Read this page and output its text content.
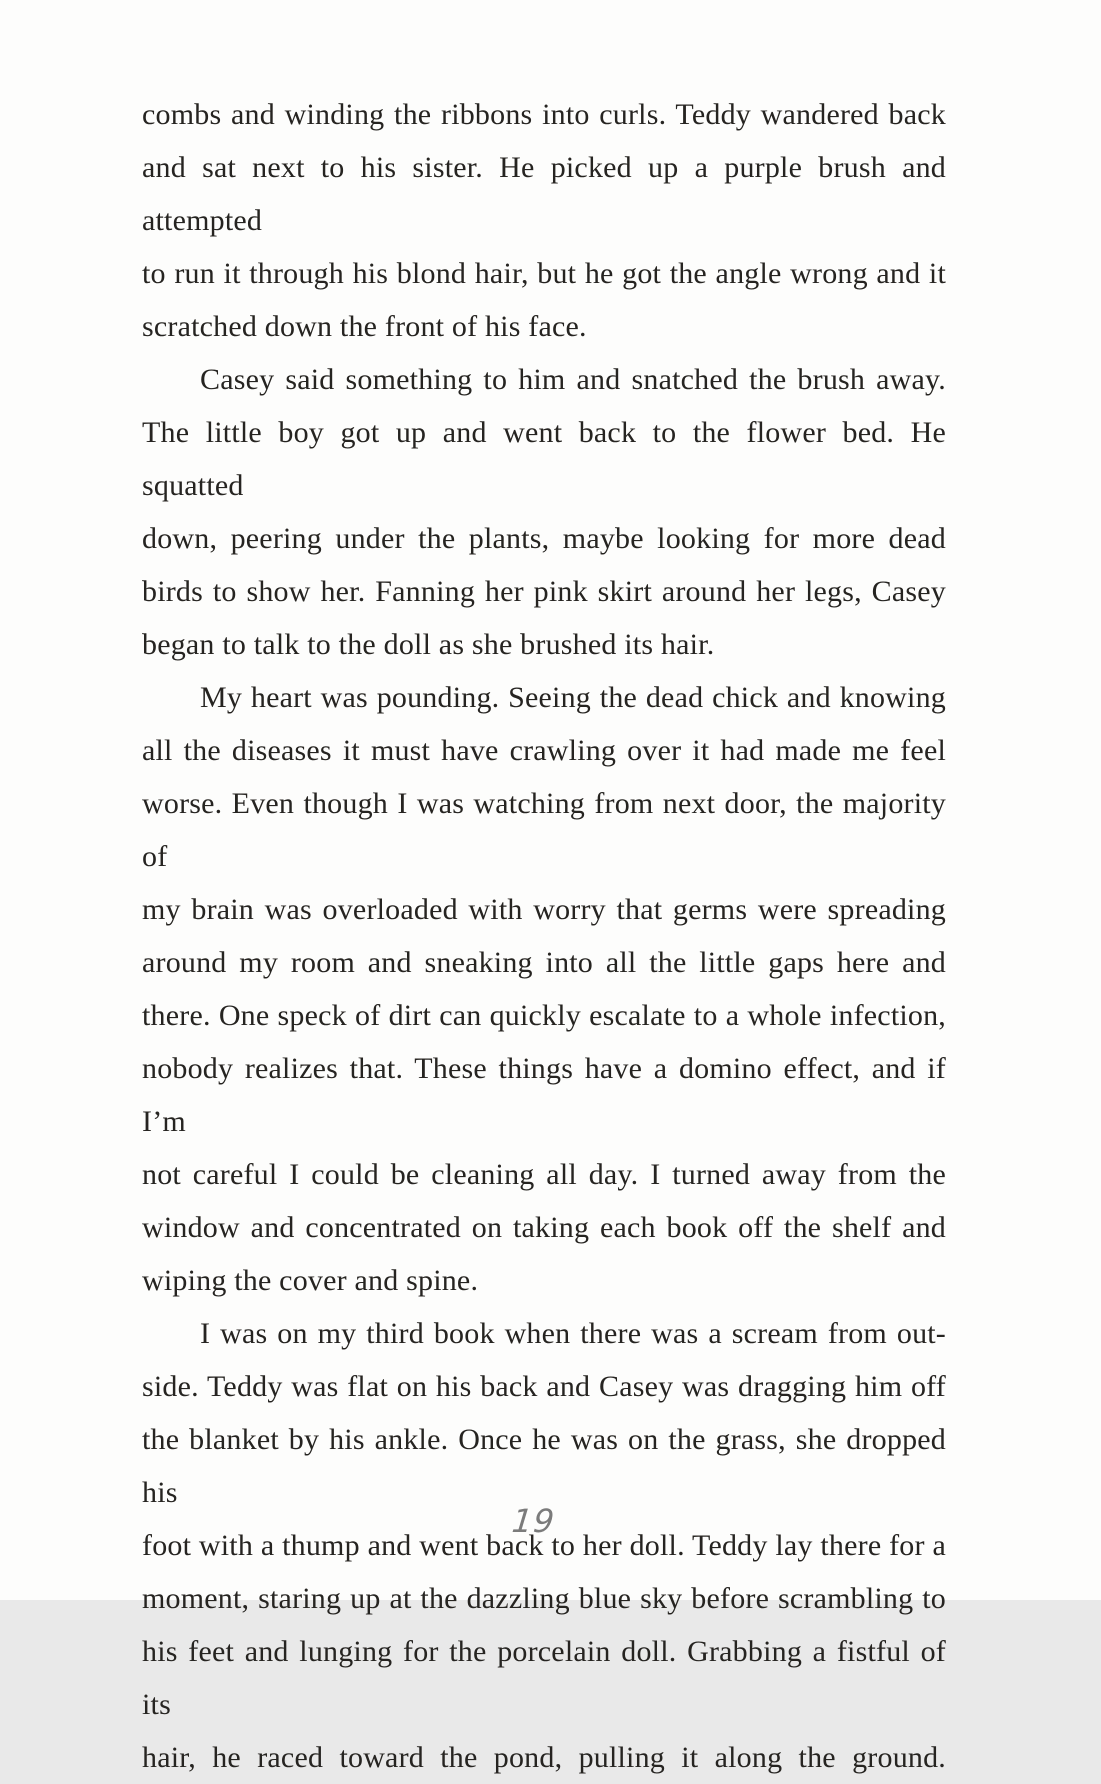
combs and winding the ribbons into curls. Teddy wandered back
and sat next to his sister. He picked up a purple brush and attempted
to run it through his blond hair, but he got the angle wrong and it
scratched down the front of his face.
Casey said something to him and snatched the brush away.
The little boy got up and went back to the flower bed. He squatted
down, peering under the plants, maybe looking for more dead
birds to show her. Fanning her pink skirt around her legs, Casey
began to talk to the doll as she brushed its hair.
My heart was pounding. Seeing the dead chick and knowing
all the diseases it must have crawling over it had made me feel
worse. Even though I was watching from next door, the majority of
my brain was overloaded with worry that germs were spreading
around my room and sneaking into all the little gaps here and
there. One speck of dirt can quickly escalate to a whole infection,
nobody realizes that. These things have a domino effect, and if I’m
not careful I could be cleaning all day. I turned away from the
window and concentrated on taking each book off the shelf and
wiping the cover and spine.
I was on my third book when there was a scream from out-
side. Teddy was flat on his back and Casey was dragging him off
the blanket by his ankle. Once he was on the grass, she dropped his
foot with a thump and went back to her doll. Teddy lay there for a
moment, staring up at the dazzling blue sky before scrambling to
his feet and lunging for the porcelain doll. Grabbing a fistful of its
hair, he raced toward the pond, pulling it along the ground.
19
